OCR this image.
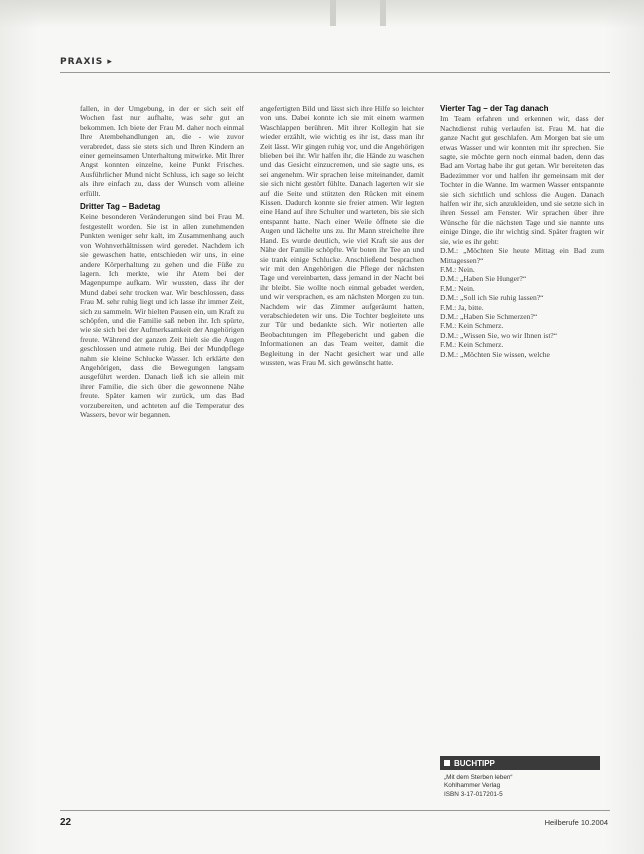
PRAXIS ▸

fallen, in der Umgebung, in der er sich seit elf Wochen fast nur aufhalte, was sehr gut an bekommen. Ich biete der Frau M. daher noch einmal Ihre Atembehandlungen an, die - wie zuvor verabredet, dass sie stets sich und Ihren Kindern an einer gemeinsamen Unterhaltung mitwirke. Mit Ihrer Angst konnten einzelne, keine Punkt Frisches. Ausführlicher Mund nicht Schluss, ich sage so leicht als ihre einfach zu, dass der Wunsch vom alleine erfüllt.

Dritter Tag – Badetag

Keine besonderen Veränderungen sind bei Frau M. festgestellt worden. Sie ist in allen zunehmenden Punkten weniger sehr kalt, im Zusammenhang auch von Wohnverhältnissen wird geredet. Nachdem ich sie gewaschen hatte, entschieden wir uns, in eine andere Körperhaltung zu gehen und die Füße zu lagern. Ich merkte, wie ihr Atem bei der Magenpumpe aufkam. Wir wussten, dass ihr der Mund dabei sehr trocken war. Wir beschlossen, dass Frau M. sehr ruhig liegt und ich lasse ihr immer Zeit, sich zu sammeln. Wir hielten Pausen ein, um Kraft zu schöpfen, und die Familie saß neben ihr. Ich spürte, wie sie sich bei der Aufmerksamkeit der Angehörigen freute. Während der ganzen Zeit hielt sie die Augen geschlossen und atmete ruhig. Bei der Mundpflege nahm sie kleine Schlucke Wasser. Ich erklärte den Angehörigen, dass die Bewegungen langsam ausgeführt werden. Danach ließ ich sie allein mit ihrer Familie, die sich über die gewonnene Nähe freute. Später kamen wir zurück, um das Bad vorzubereiten, und achteten auf die Temperatur des Wassers, bevor wir begannen.

angefertigten Bild und lässt sich ihre Hilfe so leichter von uns. Dabei konnte ich sie mit einem warmen Waschlappen berühren. Mit ihrer Kollegin hat sie wieder erzählt, wie wichtig es ihr ist, dass man ihr Zeit lässt. Wir gingen ruhig vor, und die Angehörigen blieben bei ihr. Wir halfen ihr, die Hände zu waschen und das Gesicht einzucremen, und sie sagte uns, es sei angenehm. Wir sprachen leise miteinander, damit sie sich nicht gestört fühlte. Danach lagerten wir sie auf die Seite und stützten den Rücken mit einem Kissen. Dadurch konnte sie freier atmen. Wir legten eine Hand auf ihre Schulter und warteten, bis sie sich entspannt hatte. Nach einer Weile öffnete sie die Augen und lächelte uns zu. Ihr Mann streichelte ihre Hand. Es wurde deutlich, wie viel Kraft sie aus der Nähe der Familie schöpfte. Wir boten ihr Tee an und sie trank einige Schlucke. Anschließend besprachen wir mit den Angehörigen die Pflege der nächsten Tage und vereinbarten, dass jemand in der Nacht bei ihr bleibt. Sie wollte noch einmal gebadet werden, und wir versprachen, es am nächsten Morgen zu tun. Nachdem wir das Zimmer aufgeräumt hatten, verabschiedeten wir uns. Die Tochter begleitete uns zur Tür und bedankte sich. Wir notierten alle Beobachtungen im Pflegebericht und gaben die Informationen an das Team weiter, damit die Begleitung in der Nacht gesichert war und alle wussten, was Frau M. sich gewünscht hatte.

Vierter Tag – der Tag danach

Im Team erfahren und erkennen wir, dass der Nachtdienst ruhig verlaufen ist. Frau M. hat die ganze Nacht gut geschlafen. Am Morgen bat sie um etwas Wasser und wir konnten mit ihr sprechen. Sie sagte, sie möchte gern noch einmal baden, denn das Bad am Vortag habe ihr gut getan. Wir bereiteten das Badezimmer vor und halfen ihr gemeinsam mit der Tochter in die Wanne. Im warmen Wasser entspannte sie sich sichtlich und schloss die Augen. Danach halfen wir ihr, sich anzukleiden, und sie setzte sich in ihren Sessel am Fenster. Wir sprachen über ihre Wünsche für die nächsten Tage und sie nannte uns einige Dinge, die ihr wichtig sind. Später fragten wir sie, wie es ihr geht:

D.M.: „Möchten Sie heute Mittag ein Bad zum Mittagessen?“

F.M.: Nein.

D.M.: „Haben Sie Hunger?“

F.M.: Nein.

D.M.: „Soll ich Sie ruhig lassen?“

F.M.: Ja, bitte.

D.M.: „Haben Sie Schmerzen?“

F.M.: Kein Schmerz.

D.M.: „Wissen Sie, wo wir Ihnen ist?“

F.M.: Kein Schmerz.

D.M.: „Möchten Sie wissen, welche

BUCHTIPP
„Mit dem Sterben leben“
Kohlhammer Verlag
ISBN 3-17-017201-5
22	Heilberufe 10.2004
